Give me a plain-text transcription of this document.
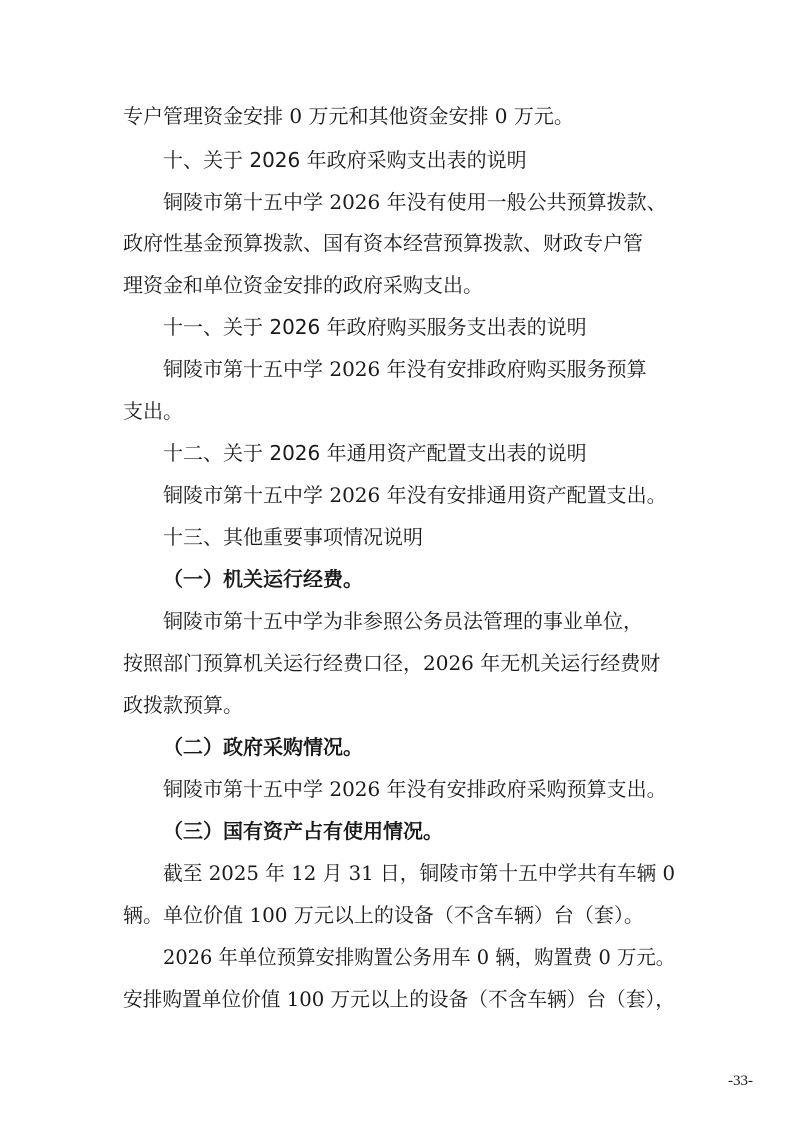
专户管理资金安排 0 万元和其他资金安排 0 万元。
十、关于 2026 年政府采购支出表的说明
铜陵市第十五中学 2026 年没有使用一般公共预算拨款、
政府性基金预算拨款、国有资本经营预算拨款、财政专户管
理资金和单位资金安排的政府采购支出。
十一、关于 2026 年政府购买服务支出表的说明
铜陵市第十五中学 2026 年没有安排政府购买服务预算
支出。
十二、关于 2026 年通用资产配置支出表的说明
铜陵市第十五中学 2026 年没有安排通用资产配置支出。
十三、其他重要事项情况说明
（一）机关运行经费。
铜陵市第十五中学为非参照公务员法管理的事业单位，
按照部门预算机关运行经费口径，2026 年无机关运行经费财
政拨款预算。
（二）政府采购情况。
铜陵市第十五中学 2026 年没有安排政府采购预算支出。
（三）国有资产占有使用情况。
截至 2025 年 12 月 31 日，铜陵市第十五中学共有车辆 0
辆。单位价值 100 万元以上的设备（不含车辆）台（套）。
2026 年单位预算安排购置公务用车 0 辆，购置费 0 万元。
安排购置单位价值 100 万元以上的设备（不含车辆）台（套），
-33-
